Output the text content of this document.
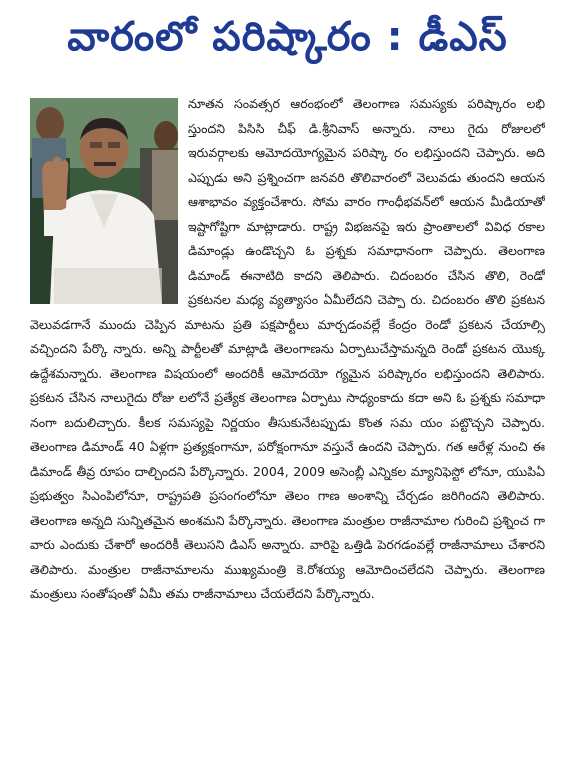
వారంలో పరిష్కారం : డీఎస్

నూతన సంవత్సర ఆరంభంలో తెలంగాణ సమస్యకు పరిష్కారం లభి స్తుందని పిసిసి చీఫ్ డి.శ్రీనివాస్ అన్నారు. నాలు గైదు రోజులలో ఇరువర్గాలకు ఆమోదయోగ్యమైన పరిష్కా రం లభిస్తుందని చెప్పారు. అది ఎప్పుడు అని ప్రశ్నించగా జనవరి తొలివారంలో వెలువడు తుందని ఆయన ఆశాభావం వ్యక్తంచేశారు. సోమ వారం గాంధీభవన్‌లో ఆయన మీడియాతో ఇష్టాగోష్టిగా మాట్లాడారు. రాష్ట్ర విభజనపై ఇరు ప్రాంతాలలో వివిధ రకాల డిమాండ్లు ఉండొచ్చని ఓ ప్రశ్నకు సమాధానంగా చెప్పారు. తెలంగాణ డిమాండ్ ఈనాటిది కాదని తెలిపారు. చిదంబరం చేసిన తొలి, రెండో ప్రకటనల మధ్య వ్యత్యాసం ఏమీలేదని చెప్పా రు. చిదంబరం తొలి ప్రకటన వెలువడగానే ముందు చెప్పిన మాటను ప్రతి పక్షపార్టీలు మార్చడంవల్లే కేంద్రం రెండో ప్రకటన చేయాల్సి వచ్చిందని పేర్కొ న్నారు. అన్ని పార్టీలతో మాట్లాడి తెలంగాణను ఏర్పాటుచేస్తామన్నది రెండో ప్రకటన యొక్క ఉద్దేశమన్నారు. తెలంగాణ విషయంలో అందరికీ ఆమోదయో గ్యమైన పరిష్కారం లభిస్తుందని తెలిపారు. ప్రకటన చేసిన నాలుగైదు రోజు లలోనే ప్రత్యేక తెలంగాణ ఏర్పాటు సాధ్యంకాదు కదా అని ఓ ప్రశ్నకు సమాధా నంగా బదులిచ్చారు. కీలక సమస్యపై నిర్ణయం తీసుకునేటప్పుడు కొంత సమ యం పట్టొచ్చని చెప్పారు. తెలంగాణ డిమాండ్ 40 ఏళ్లగా ప్రత్యక్షంగానూ, పరోక్షంగానూ వస్తునే ఉందని చెప్పారు. గత ఆరేళ్ల నుంచి ఈ డిమాండ్ తీవ్ర రూపం దాల్చిందని పేర్కొన్నారు. 2004, 2009 అసెంబ్లీ ఎన్నికల మ్యానిఫెస్టో లోనూ, యుపిఏ ప్రభుత్వం సిఎంపిలోనూ, రాష్ట్రపతి ప్రసంగంలోనూ తెలం గాణ అంశాన్ని చేర్చడం జరిగిందని తెలిపారు. తెలంగాణ అన్నది సున్నితమైన అంశమని పేర్కొన్నారు. తెలంగాణ మంత్రుల రాజీనామాల గురించి ప్రశ్నించ గా వారు ఎందుకు చేశారో అందరికీ తెలుసని డిఎస్ అన్నారు. వారిపై ఒత్తిడి పెరగడంవల్లే రాజీనామాలు చేశారని తెలిపారు. మంత్రుల రాజీనామాలను ముఖ్యమంత్రి కె.రోశయ్య ఆమోదించలేదని చెప్పారు. తెలంగాణ మంత్రులు సంతోషంతో ఏమీ తమ రాజీనామాలు చేయలేదని పేర్కొన్నారు.
